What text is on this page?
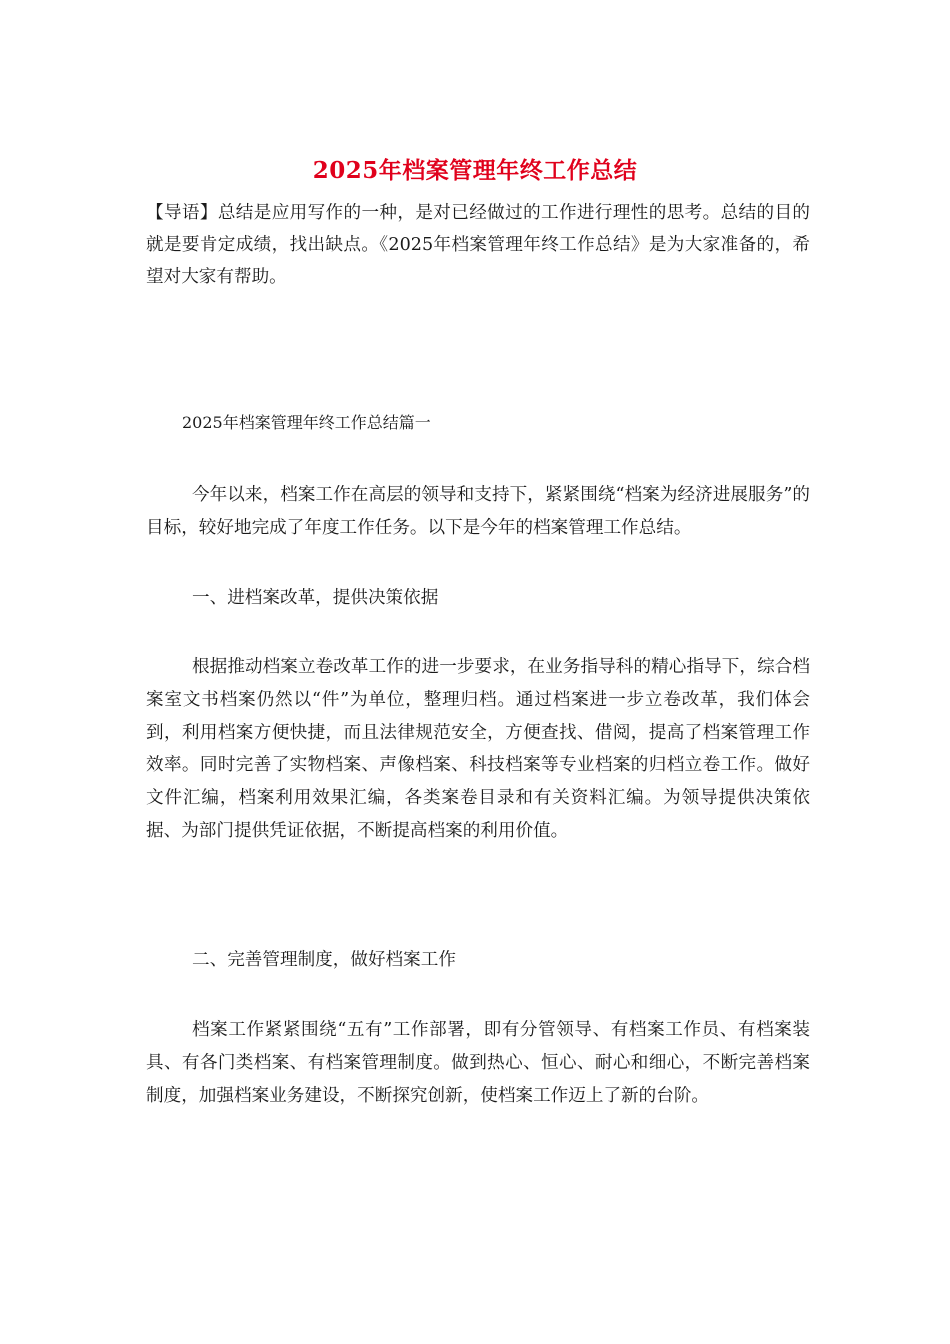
2025年档案管理年终工作总结
【导语】总结是应用写作的一种，是对已经做过的工作进行理性的思考。总结的目的就是要肯定成绩，找出缺点。《2025年档案管理年终工作总结》是为大家准备的，希望对大家有帮助。
2025年档案管理年终工作总结篇一
今年以来，档案工作在高层的领导和支持下，紧紧围绕“档案为经济进展服务”的目标，较好地完成了年度工作任务。以下是今年的档案管理工作总结。
一、进档案改革，提供决策依据
根据推动档案立卷改革工作的进一步要求，在业务指导科的精心指导下，综合档案室文书档案仍然以“件”为单位，整理归档。通过档案进一步立卷改革，我们体会到，利用档案方便快捷，而且法律规范安全，方便查找、借阅，提高了档案管理工作效率。同时完善了实物档案、声像档案、科技档案等专业档案的归档立卷工作。做好文件汇编，档案利用效果汇编，各类案卷目录和有关资料汇编。为领导提供决策依据、为部门提供凭证依据，不断提高档案的利用价值。
二、完善管理制度，做好档案工作
档案工作紧紧围绕“五有”工作部署，即有分管领导、有档案工作员、有档案装具、有各门类档案、有档案管理制度。做到热心、恒心、耐心和细心，不断完善档案制度，加强档案业务建设，不断探究创新，使档案工作迈上了新的台阶。
